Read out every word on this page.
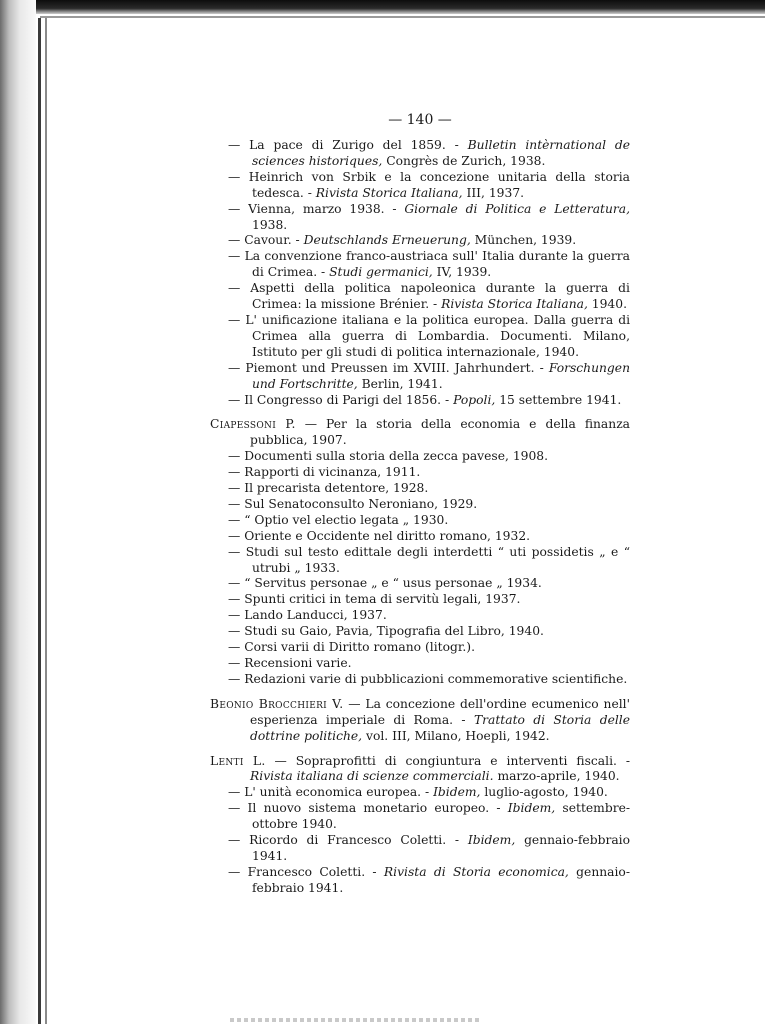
— 140 —

— La pace di Zurigo del 1859. - Bulletin intèrnational de sciences historiques, Congrès de Zurich, 1938.

— Heinrich von Srbik e la concezione unitaria della storia tedesca. - Rivista Storica Italiana, III, 1937.

— Vienna, marzo 1938. - Giornale di Politica e Letteratura, 1938.

— Cavour. - Deutschlands Erneuerung, München, 1939.

— La convenzione franco-austriaca sull' Italia durante la guerra di Crimea. - Studi germanici, IV, 1939.

— Aspetti della politica napoleonica durante la guerra di Crimea: la missione Brénier. - Rivista Storica Italiana, 1940.

— L' unificazione italiana e la politica europea. Dalla guerra di Crimea alla guerra di Lombardia. Documenti. Milano, Istituto per gli studi di politica internazionale, 1940.

— Piemont und Preussen im XVIII. Jahrhundert. - Forschungen und Fortschritte, Berlin, 1941.

— Il Congresso di Parigi del 1856. - Popoli, 15 settembre 1941.

Ciapessoni P. — Per la storia della economia e della finanza pubblica, 1907.

— Documenti sulla storia della zecca pavese, 1908.

— Rapporti di vicinanza, 1911.

— Il precarista detentore, 1928.

— Sul Senatoconsulto Neroniano, 1929.

— “ Optio vel electio legata „ 1930.

— Oriente e Occidente nel diritto romano, 1932.

— Studi sul testo edittale degli interdetti “ uti possidetis „ e “ utrubi „ 1933.

— “ Servitus personae „ e “ usus personae „ 1934.

— Spunti critici in tema di servitù legali, 1937.

— Lando Landucci, 1937.

— Studi su Gaio, Pavia, Tipografia del Libro, 1940.

— Corsi varii di Diritto romano (litogr.).

— Recensioni varie.

— Redazioni varie di pubblicazioni commemorative scientifiche.

Beonio Brocchieri V. — La concezione dell'ordine ecumenico nell' esperienza imperiale di Roma. - Trattato di Storia delle dottrine politiche, vol. III, Milano, Hoepli, 1942.

Lenti L. — Sopraprofitti di congiuntura e interventi fiscali. - Rivista italiana di scienze commerciali. marzo-aprile, 1940.

— L' unità economica europea. - Ibidem, luglio-agosto, 1940.

— Il nuovo sistema monetario europeo. - Ibidem, settembre-ottobre 1940.

— Ricordo di Francesco Coletti. - Ibidem, gennaio-febbraio 1941.

— Francesco Coletti. - Rivista di Storia economica, gennaio-febbraio 1941.
